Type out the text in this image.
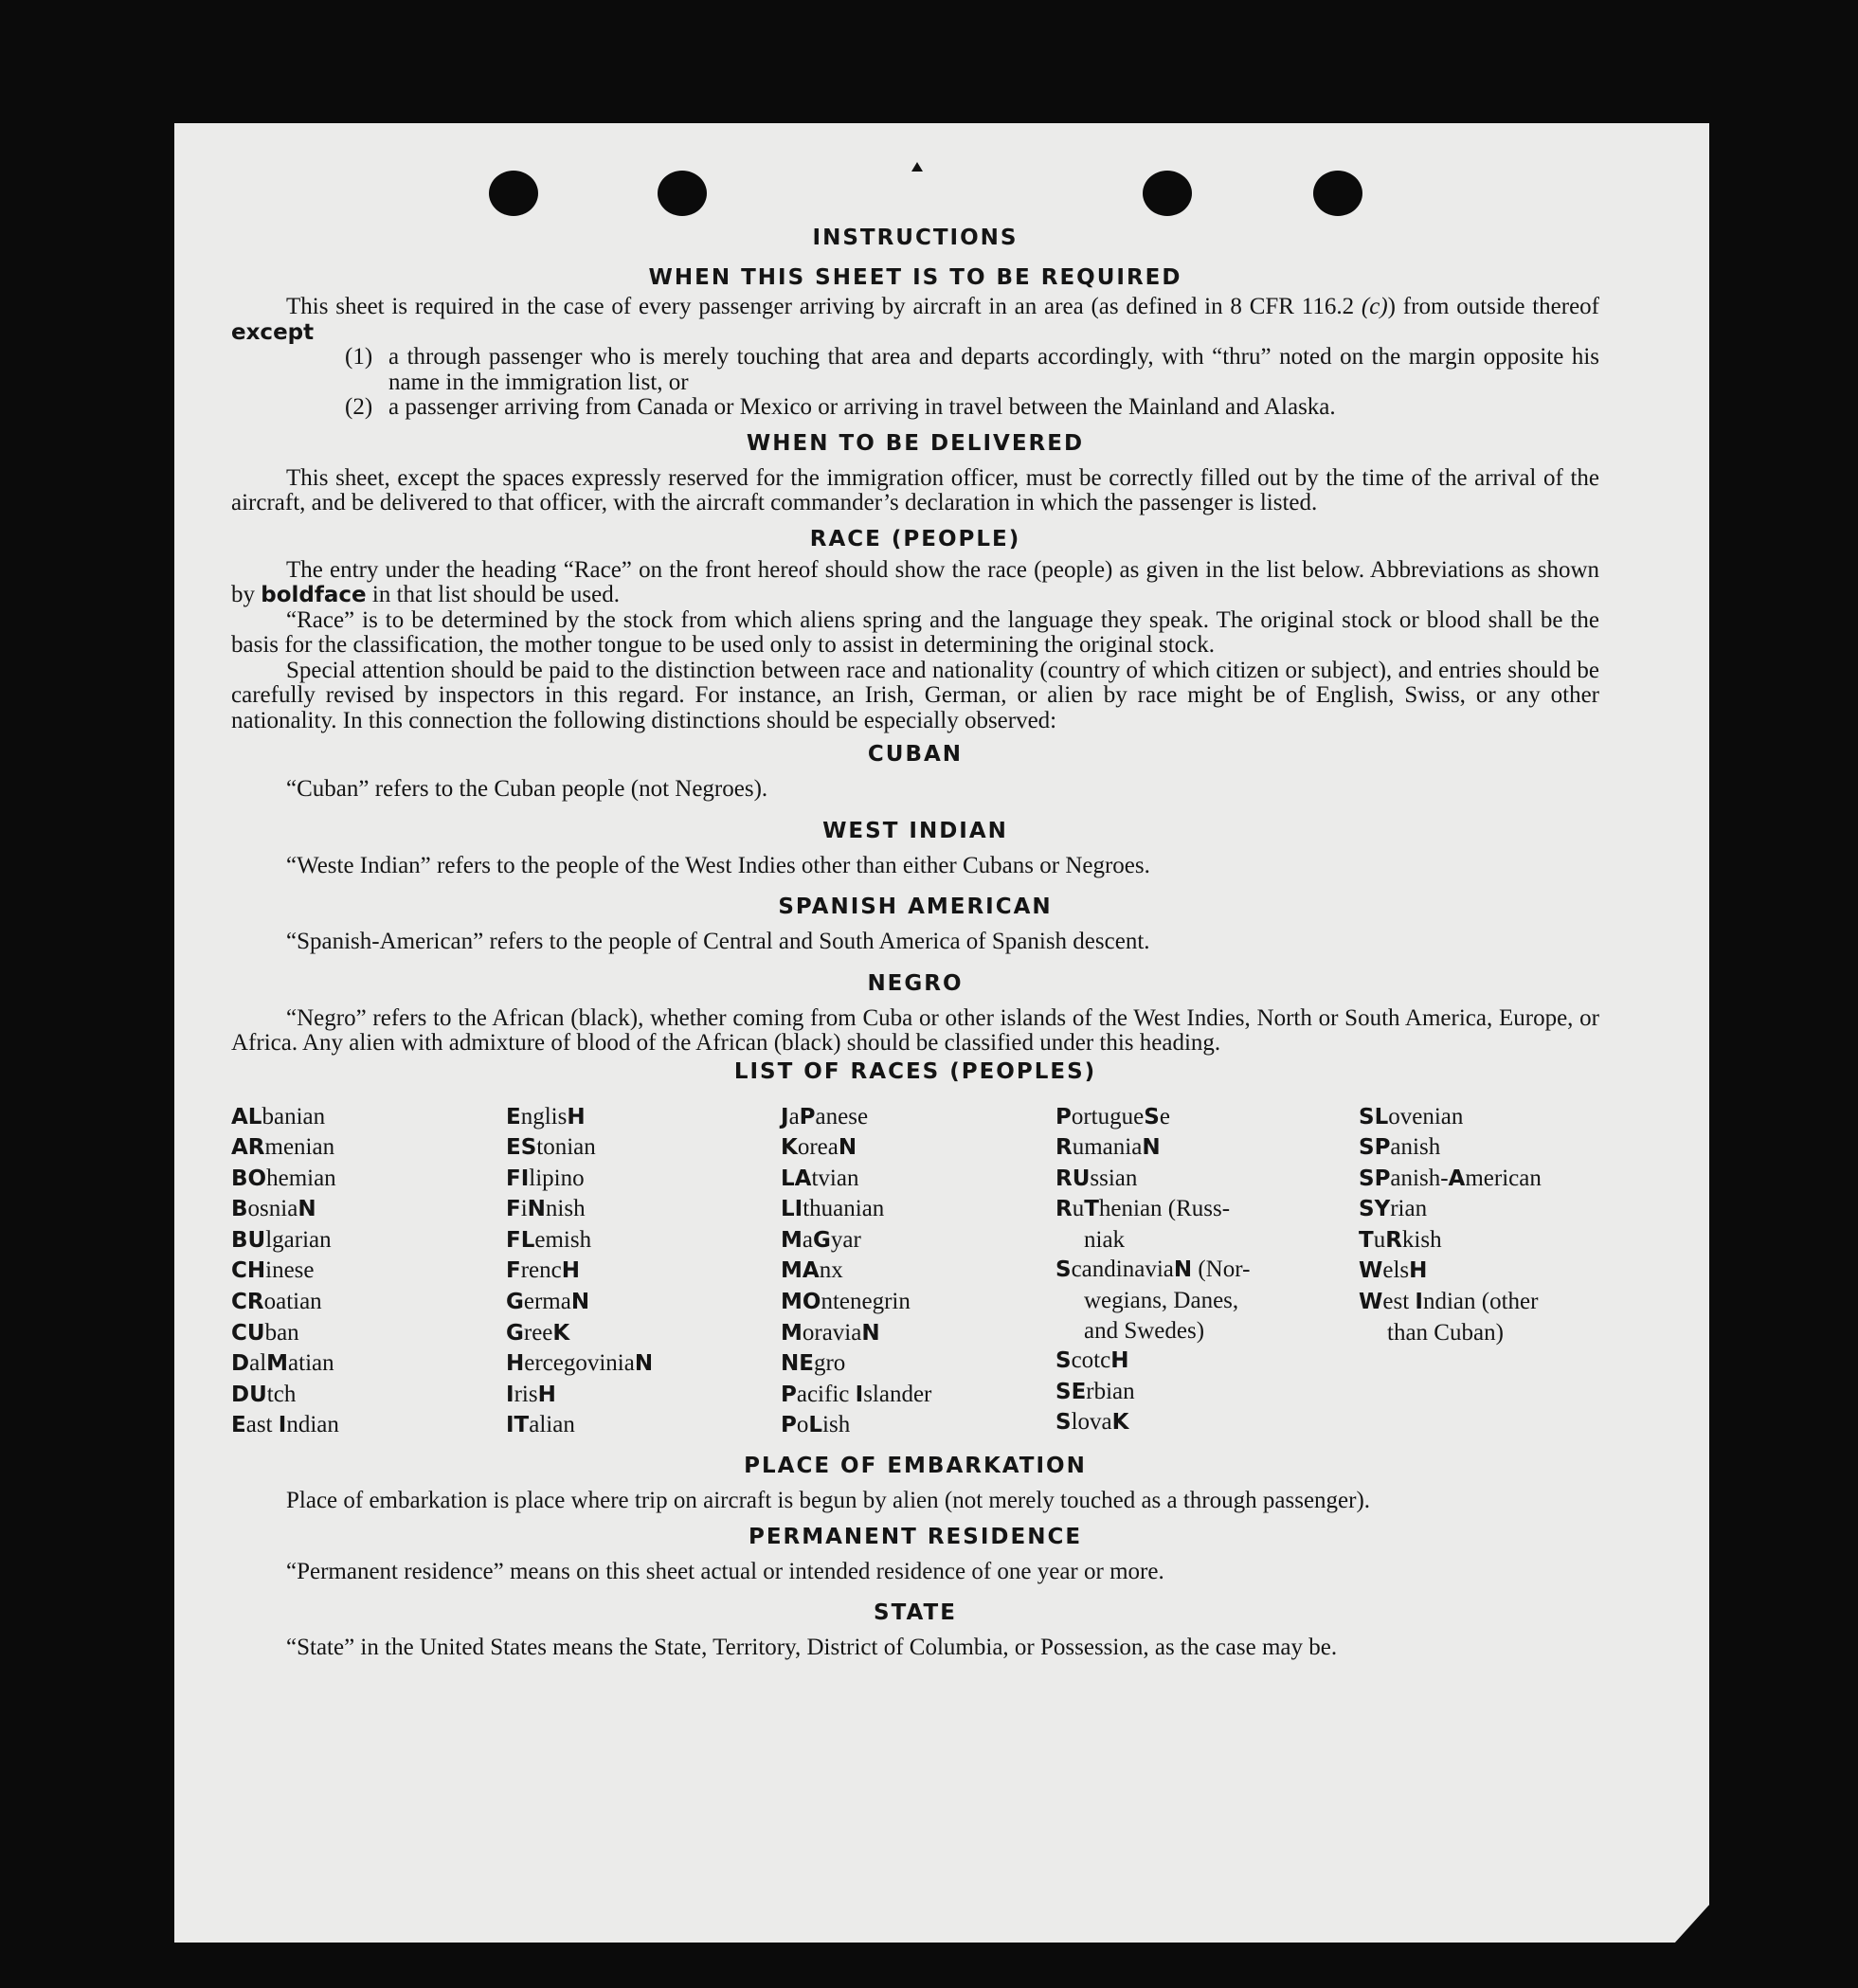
INSTRUCTIONS
WHEN THIS SHEET IS TO BE REQUIRED
This sheet is required in the case of every passenger arriving by aircraft in an area (as defined in 8 CFR 116.2 (c)) from outside thereof except
(1) a through passenger who is merely touching that area and departs accordingly, with “thru” noted on the margin opposite his name in the immigration list, or
(2) a passenger arriving from Canada or Mexico or arriving in travel between the Mainland and Alaska.
WHEN TO BE DELIVERED

This sheet, except the spaces expressly reserved for the immigration officer, must be correctly filled out by the time of the arrival of the aircraft, and be delivered to that officer, with the aircraft commander’s declaration in which the passenger is listed.

RACE (PEOPLE)
The entry under the heading “Race” on the front hereof should show the race (people) as given in the list below. Abbreviations as shown by boldface in that list should be used.

“Race” is to be determined by the stock from which aliens spring and the language they speak. The original stock or blood shall be the basis for the classification, the mother tongue to be used only to assist in determining the original stock.

Special attention should be paid to the distinction between race and nationality (country of which citizen or subject), and entries should be carefully revised by inspectors in this regard. For instance, an Irish, German, or alien by race might be of English, Swiss, or any other nationality. In this connection the following distinctions should be especially observed:

CUBAN

“Cuban” refers to the Cuban people (not Negroes).

WEST INDIAN

“Weste Indian” refers to the people of the West Indies other than either Cubans or Negroes.

SPANISH AMERICAN

“Spanish-American” refers to the people of Central and South America of Spanish descent.

NEGRO

“Negro” refers to the African (black), whether coming from Cuba or other islands of the West Indies, North or South America, Europe, or Africa. Any alien with admixture of blood of the African (black) should be classified under this heading.

LIST OF RACES (PEOPLES)
ALbanian
ARmenian
BOhemian
BosniaN
BUlgarian
CHinese
CRoatian
CUban
DalMatian
DUtch
East Indian
EnglisH
EStonian
FIlipino
FiNnish
FLemish
FrencH
GermaN
GreeK
HercegoviniaN
IrisH
ITalian
JaPanese
KoreaN
LAtvian
LIthuanian
MaGyar
MAnx
MOntenegrin
MoraviaN
NEgro
Pacific Islander
PoLish
PortugueSe
RumaniaN
RUssian
RuThenian (Russ-
niak
ScandinaviaN (Nor-
wegians, Danes,
and Swedes)
ScotcH
SErbian
SlovaK
SLovenian
SPanish
SPanish-American
SYrian
TuRkish
WelsH
West Indian (other
than Cuban)
PLACE OF EMBARKATION

Place of embarkation is place where trip on aircraft is begun by alien (not merely touched as a through passenger).

PERMANENT RESIDENCE

“Permanent residence” means on this sheet actual or intended residence of one year or more.

STATE

“State” in the United States means the State, Territory, District of Columbia, or Possession, as the case may be.
